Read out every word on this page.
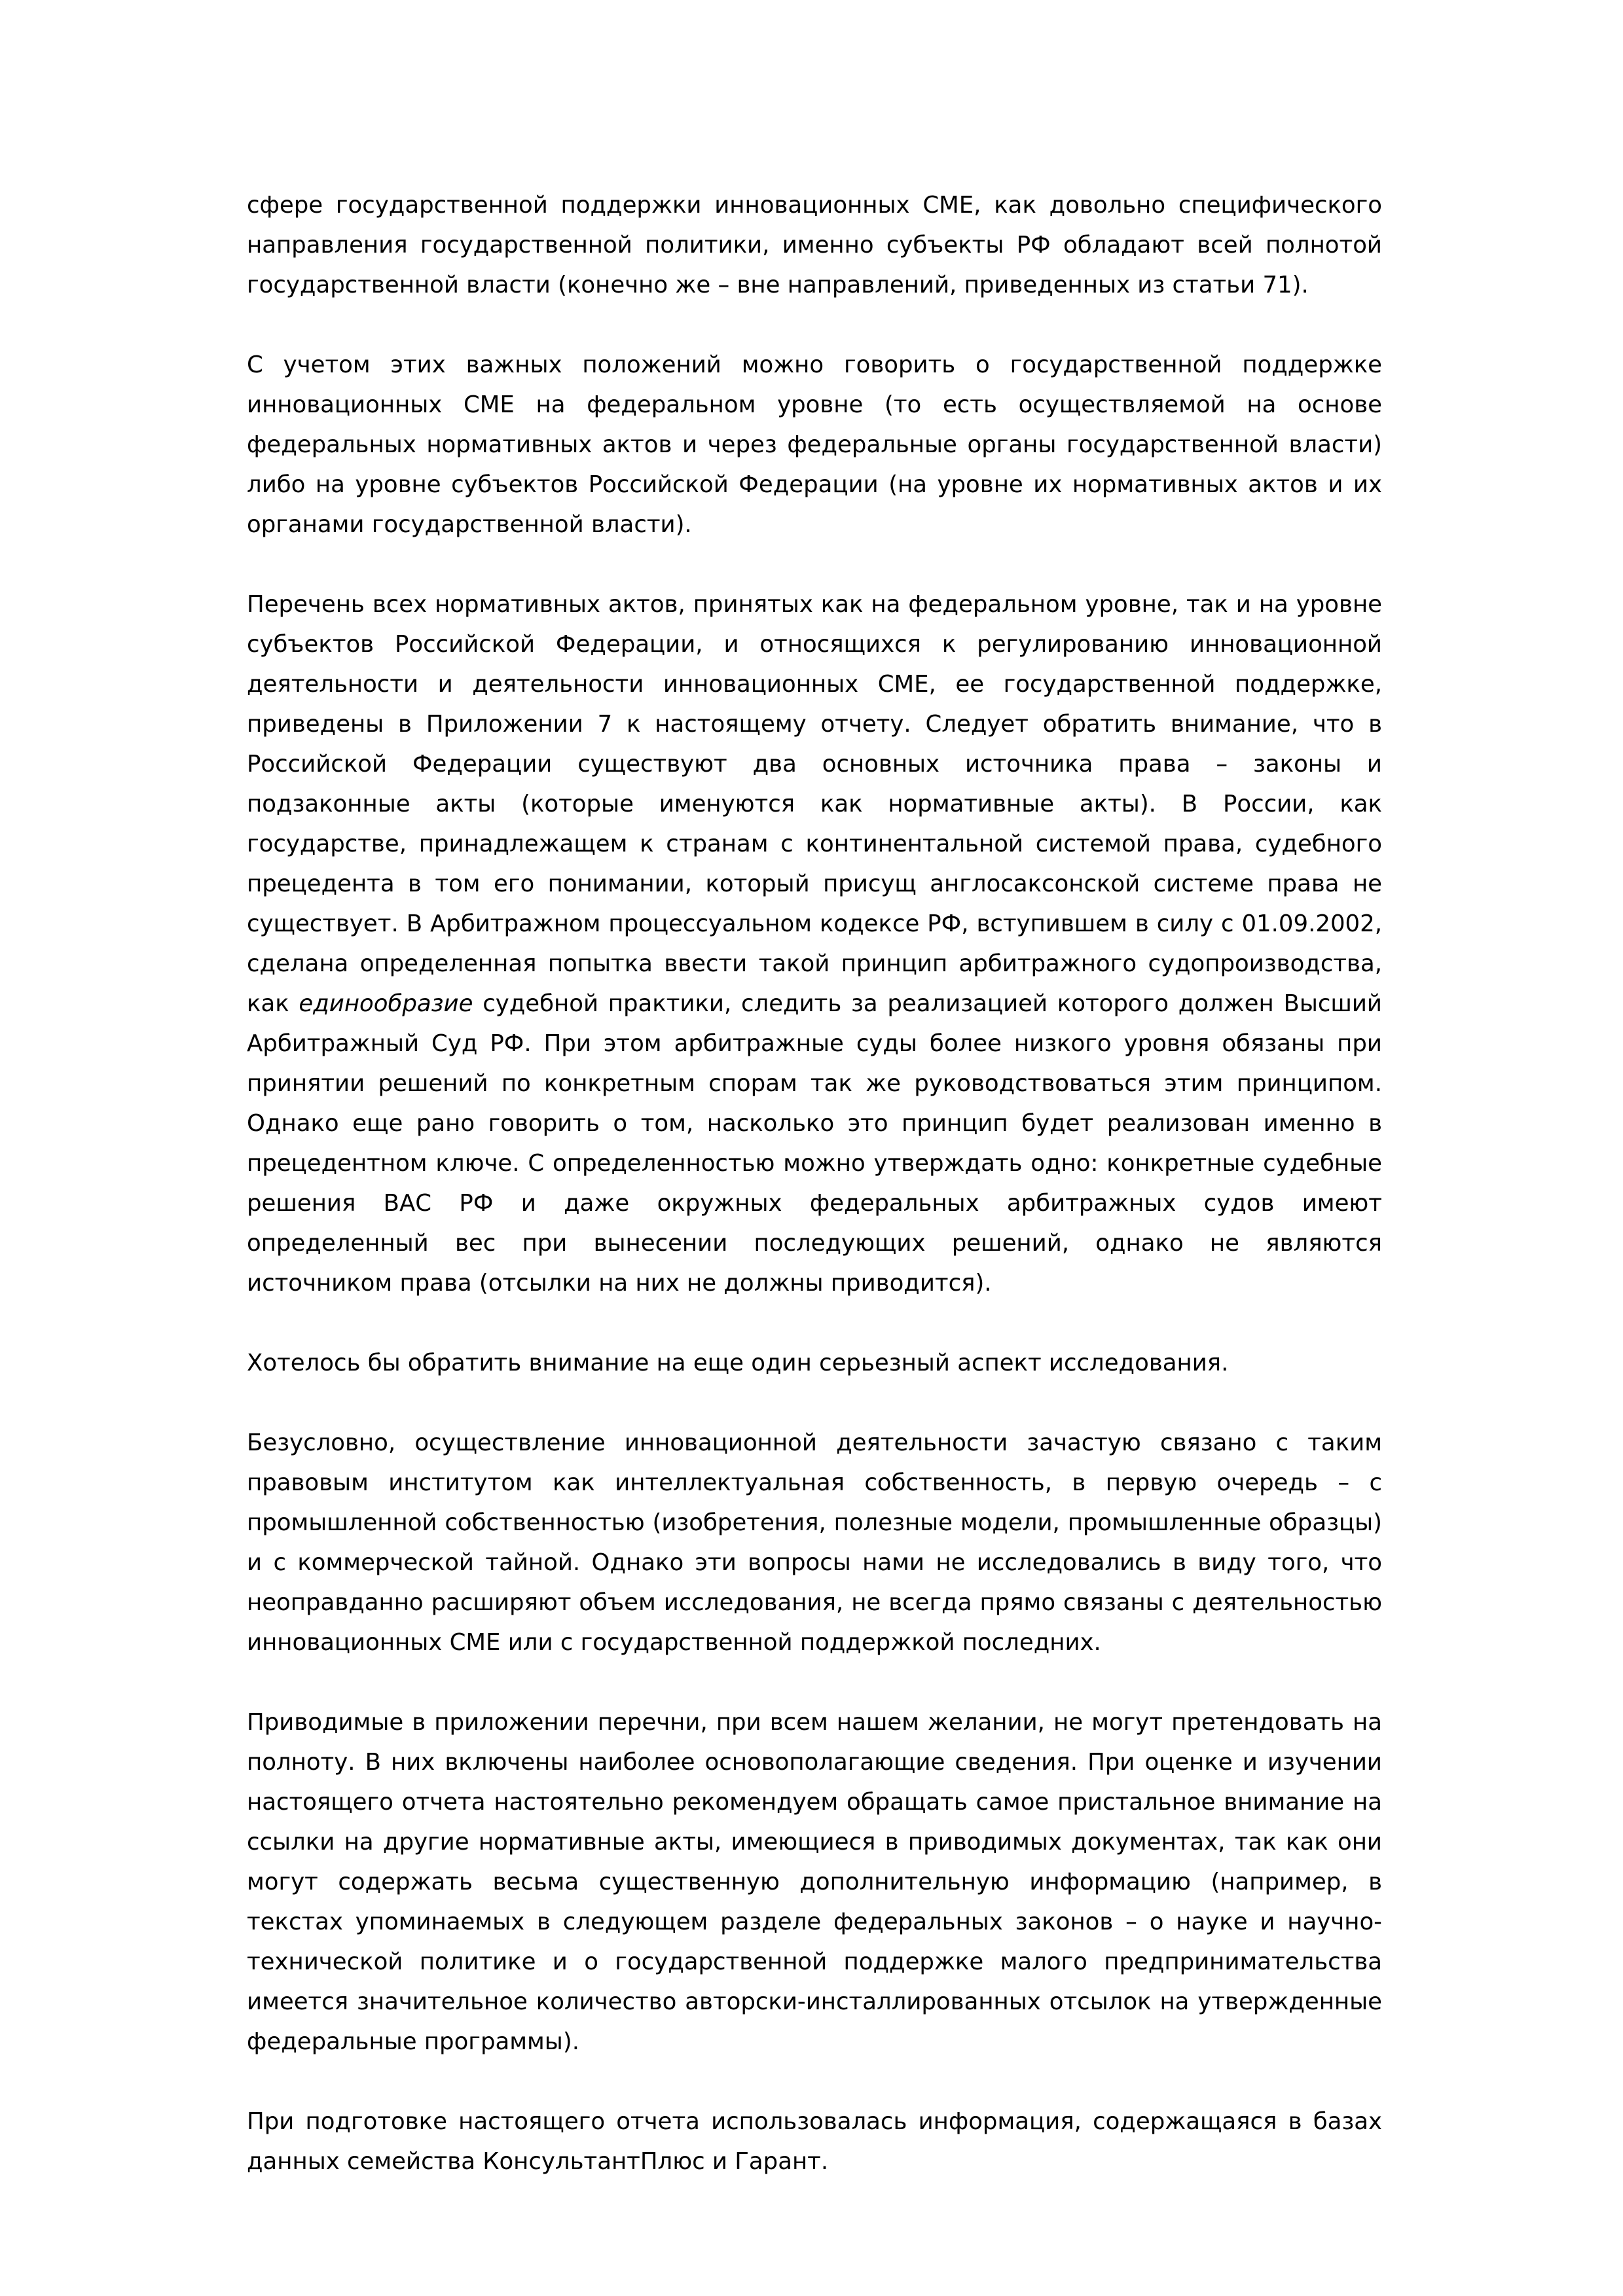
сфере государственной поддержки инновационных СМЕ, как довольно специфического направления государственной политики, именно субъекты РФ обладают всей полнотой государственной власти (конечно же – вне направлений, приведенных из статьи 71).

С учетом этих важных положений можно говорить о государственной поддержке инновационных СМЕ на федеральном уровне (то есть осуществляемой на основе федеральных нормативных актов и через федеральные органы государственной власти) либо на уровне субъектов Российской Федерации (на уровне их нормативных актов и их органами государственной власти).

Перечень всех нормативных актов, принятых как на федеральном уровне, так и на уровне субъектов Российской Федерации, и относящихся к регулированию инновационной деятельности и деятельности инновационных СМЕ, ее государственной поддержке, приведены в Приложении 7 к настоящему отчету. Следует обратить внимание, что в Российской Федерации существуют два основных источника права – законы и подзаконные акты (которые именуются как нормативные акты). В России, как государстве, принадлежащем к странам с континентальной системой права, судебного прецедента в том его понимании, который присущ англосаксонской системе права не существует. В Арбитражном процессуальном кодексе РФ, вступившем в силу с 01.09.2002, сделана определенная попытка ввести такой принцип арбитражного судопроизводства, как единообразие судебной практики, следить за реализацией которого должен Высший Арбитражный Суд РФ. При этом арбитражные суды более низкого уровня обязаны при принятии решений по конкретным спорам так же руководствоваться этим принципом. Однако еще рано говорить о том, насколько это принцип будет реализован именно в прецедентном ключе. С определенностью можно утверждать одно: конкретные судебные решения ВАС РФ и даже окружных федеральных арбитражных судов имеют определенный вес при вынесении последующих решений, однако не являются источником права (отсылки на них не должны приводится).

Хотелось бы обратить внимание на еще один серьезный аспект исследования.

Безусловно, осуществление инновационной деятельности зачастую связано с таким правовым институтом как интеллектуальная собственность, в первую очередь – с промышленной собственностью (изобретения, полезные модели, промышленные образцы) и с коммерческой тайной. Однако эти вопросы нами не исследовались в виду того, что неоправданно расширяют объем исследования, не всегда прямо связаны с деятельностью инновационных СМЕ или с государственной поддержкой последних.

Приводимые в приложении перечни, при всем нашем желании, не могут претендовать на полноту. В них включены наиболее основополагающие сведения. При оценке и изучении настоящего отчета настоятельно рекомендуем обращать самое пристальное внимание на ссылки на другие нормативные акты, имеющиеся в приводимых документах, так как они могут содержать весьма существенную дополнительную информацию (например, в текстах упоминаемых в следующем разделе федеральных законов – о науке и научно-технической политике и о государственной поддержке малого предпринимательства имеется значительное количество авторски-инсталлированных отсылок на утвержденные федеральные программы).

При подготовке настоящего отчета использовалась информация, содержащаяся в базах данных семейства КонсультантПлюс и Гарант.
